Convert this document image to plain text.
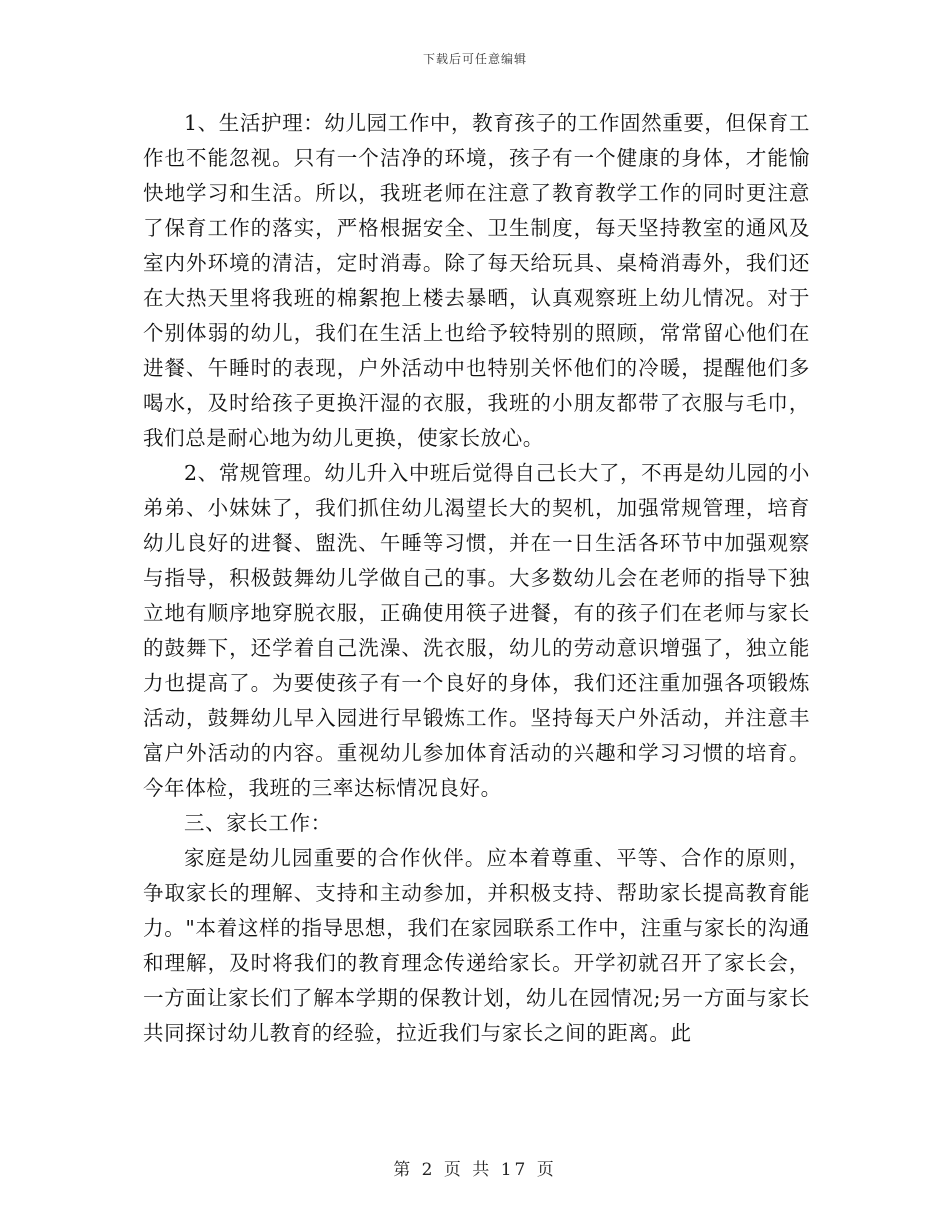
下载后可任意编辑

1、生活护理：幼儿园工作中，教育孩子的工作固然重要，但保育工作也不能忽视。只有一个洁净的环境，孩子有一个健康的身体，才能愉快地学习和生活。所以，我班老师在注意了教育教学工作的同时更注意了保育工作的落实，严格根据安全、卫生制度，每天坚持教室的通风及室内外环境的清洁，定时消毒。除了每天给玩具、桌椅消毒外，我们还在大热天里将我班的棉絮抱上楼去暴晒，认真观察班上幼儿情况。对于个别体弱的幼儿，我们在生活上也给予较特别的照顾，常常留心他们在进餐、午睡时的表现，户外活动中也特别关怀他们的冷暖，提醒他们多喝水，及时给孩子更换汗湿的衣服，我班的小朋友都带了衣服与毛巾，我们总是耐心地为幼儿更换，使家长放心。

2、常规管理。幼儿升入中班后觉得自己长大了，不再是幼儿园的小弟弟、小妹妹了，我们抓住幼儿渴望长大的契机，加强常规管理，培育幼儿良好的进餐、盥洗、午睡等习惯，并在一日生活各环节中加强观察与指导，积极鼓舞幼儿学做自己的事。大多数幼儿会在老师的指导下独立地有顺序地穿脱衣服，正确使用筷子进餐，有的孩子们在老师与家长的鼓舞下，还学着自己洗澡、洗衣服，幼儿的劳动意识增强了，独立能力也提高了。为要使孩子有一个良好的身体，我们还注重加强各项锻炼活动，鼓舞幼儿早入园进行早锻炼工作。坚持每天户外活动，并注意丰富户外活动的内容。重视幼儿参加体育活动的兴趣和学习习惯的培育。今年体检，我班的三率达标情况良好。

三、家长工作：

家庭是幼儿园重要的合作伙伴。应本着尊重、平等、合作的原则，争取家长的理解、支持和主动参加，并积极支持、帮助家长提高教育能力。"本着这样的指导思想，我们在家园联系工作中，注重与家长的沟通和理解，及时将我们的教育理念传递给家长。开学初就召开了家长会，一方面让家长们了解本学期的保教计划，幼儿在园情况;另一方面与家长共同探讨幼儿教育的经验，拉近我们与家长之间的距离。此

第 2 页 共 17 页
